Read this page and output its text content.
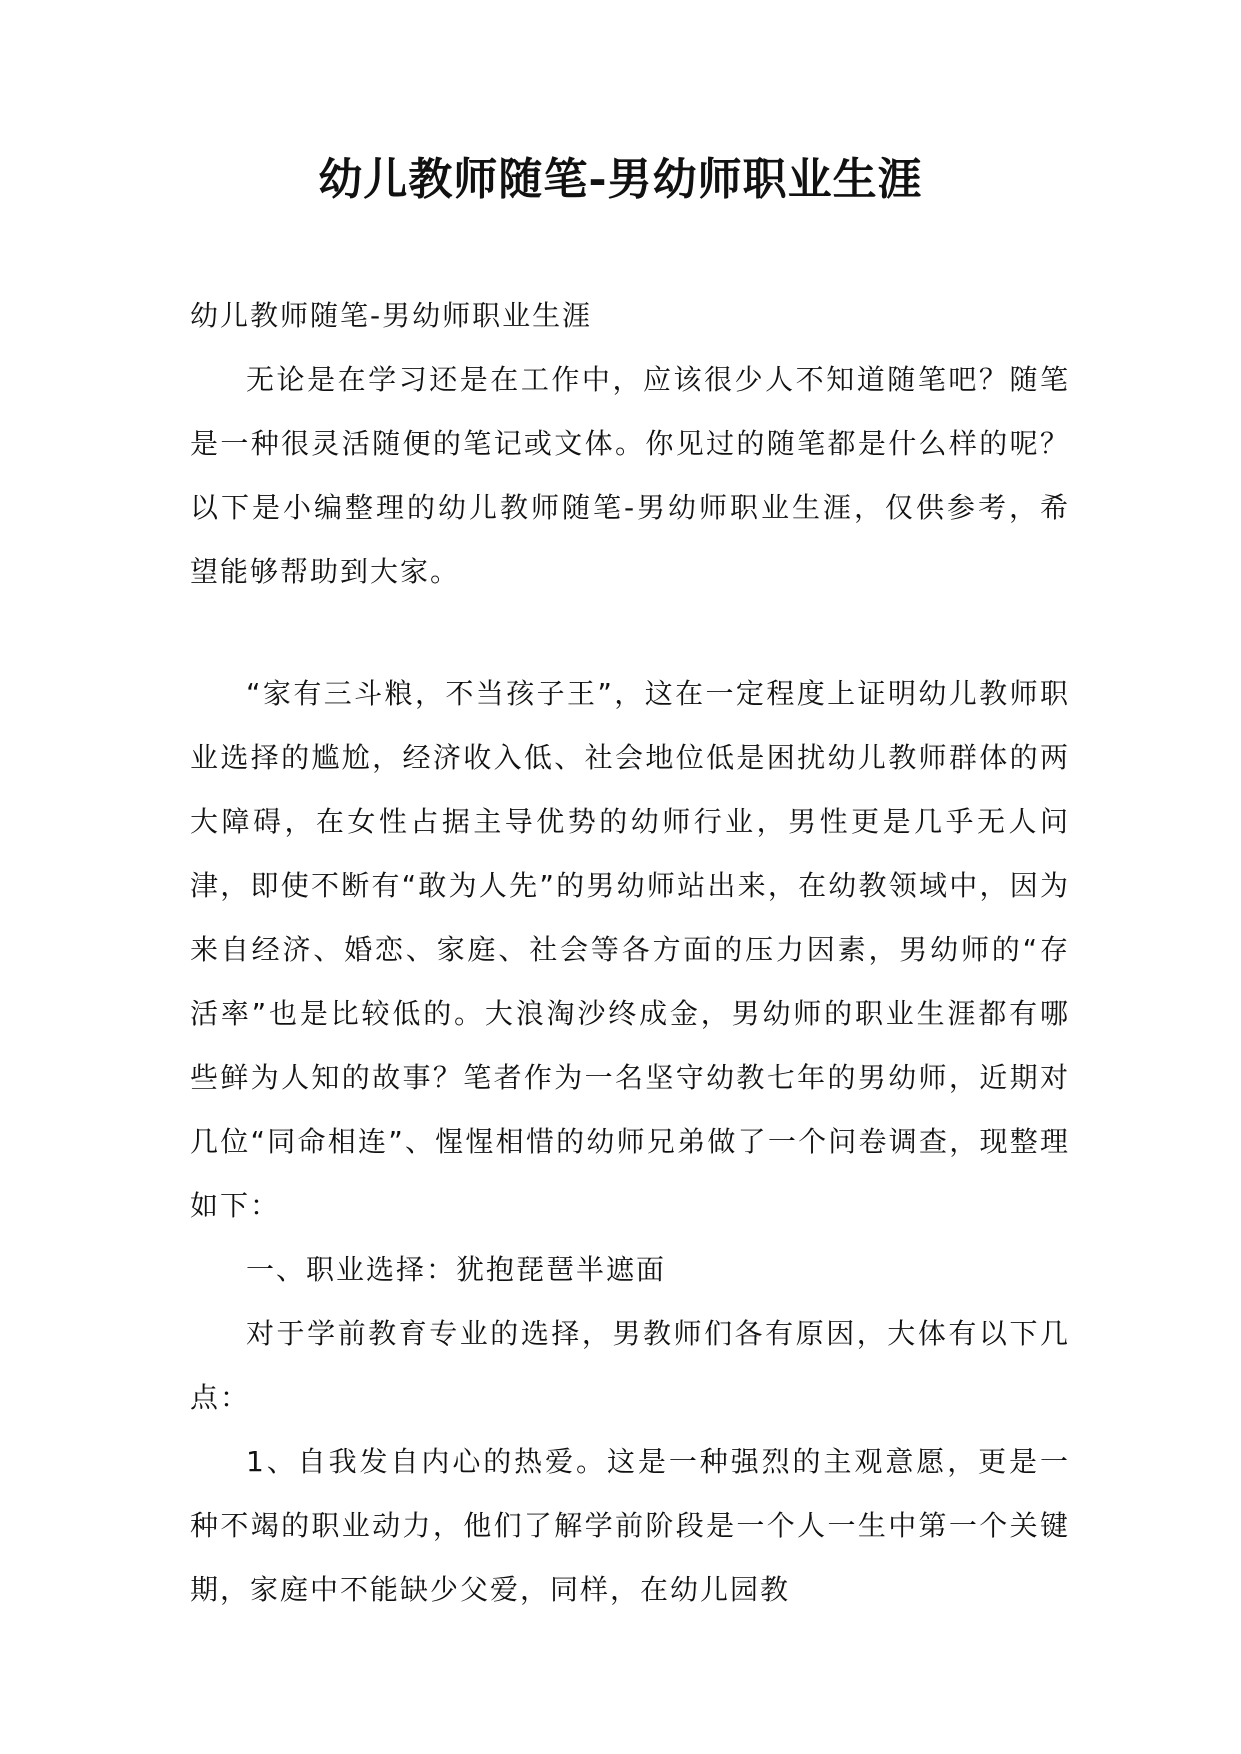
幼儿教师随笔-男幼师职业生涯

幼儿教师随笔-男幼师职业生涯

无论是在学习还是在工作中，应该很少人不知道随笔吧？随笔是一种很灵活随便的笔记或文体。你见过的随笔都是什么样的呢？以下是小编整理的幼儿教师随笔-男幼师职业生涯，仅供参考，希望能够帮助到大家。

“家有三斗粮，不当孩子王”，这在一定程度上证明幼儿教师职业选择的尴尬，经济收入低、社会地位低是困扰幼儿教师群体的两大障碍，在女性占据主导优势的幼师行业，男性更是几乎无人问津，即使不断有“敢为人先”的男幼师站出来，在幼教领域中，因为来自经济、婚恋、家庭、社会等各方面的压力因素，男幼师的“存活率”也是比较低的。大浪淘沙终成金，男幼师的职业生涯都有哪些鲜为人知的故事？笔者作为一名坚守幼教七年的男幼师，近期对几位“同命相连”、惺惺相惜的幼师兄弟做了一个问卷调查，现整理如下：

一、职业选择：犹抱琵琶半遮面

对于学前教育专业的选择，男教师们各有原因，大体有以下几点：

1、自我发自内心的热爱。这是一种强烈的主观意愿，更是一种不竭的职业动力，他们了解学前阶段是一个人一生中第一个关键期，家庭中不能缺少父爱，同样，在幼儿园教
